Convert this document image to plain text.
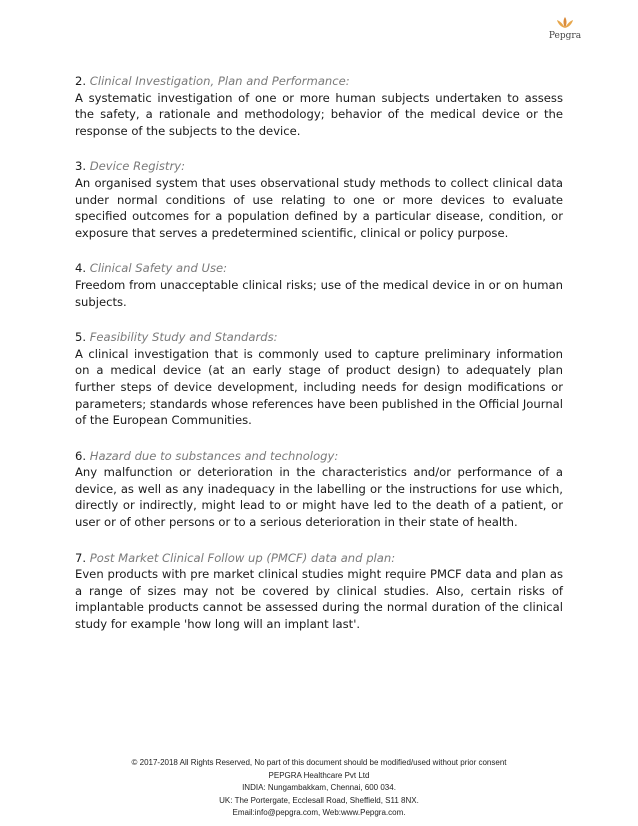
Pepgra
2. Clinical Investigation, Plan and Performance:

A systematic investigation of one or more human subjects undertaken to assess the safety, a rationale and methodology; behavior of the medical device or the response of the subjects to the device.

3. Device Registry:

An organised system that uses observational study methods to collect clinical data under normal conditions of use relating to one or more devices to evaluate specified outcomes for a population defined by a particular disease, condition, or exposure that serves a predetermined scientific, clinical or policy purpose.

4. Clinical Safety and Use:

Freedom from unacceptable clinical risks; use of the medical device in or on human subjects.

5. Feasibility Study and Standards:

A clinical investigation that is commonly used to capture preliminary information on a medical device (at an early stage of product design) to adequately plan further steps of device development, including needs for design modifications or parameters; standards whose references have been published in the Official Journal of the European Communities.

6. Hazard due to substances and technology:

Any malfunction or deterioration in the characteristics and/or performance of a device, as well as any inadequacy in the labelling or the instructions for use which, directly or indirectly, might lead to or might have led to the death of a patient, or user or of other persons or to a serious deterioration in their state of health.

7. Post Market Clinical Follow up (PMCF) data and plan:

Even products with pre market clinical studies might require PMCF data and plan as a range of sizes may not be covered by clinical studies. Also, certain risks of implantable products cannot be assessed during the normal duration of the clinical study for example 'how long will an implant last'.

© 2017-2018 All Rights Reserved, No part of this document should be modified/used without prior consent
PEPGRA Healthcare Pvt Ltd
INDIA: Nungambakkam, Chennai, 600 034.
UK: The Portergate, Ecclesall Road, Sheffield, S11 8NX.
Email:info@pepgra.com, Web:www.Pepgra.com.
